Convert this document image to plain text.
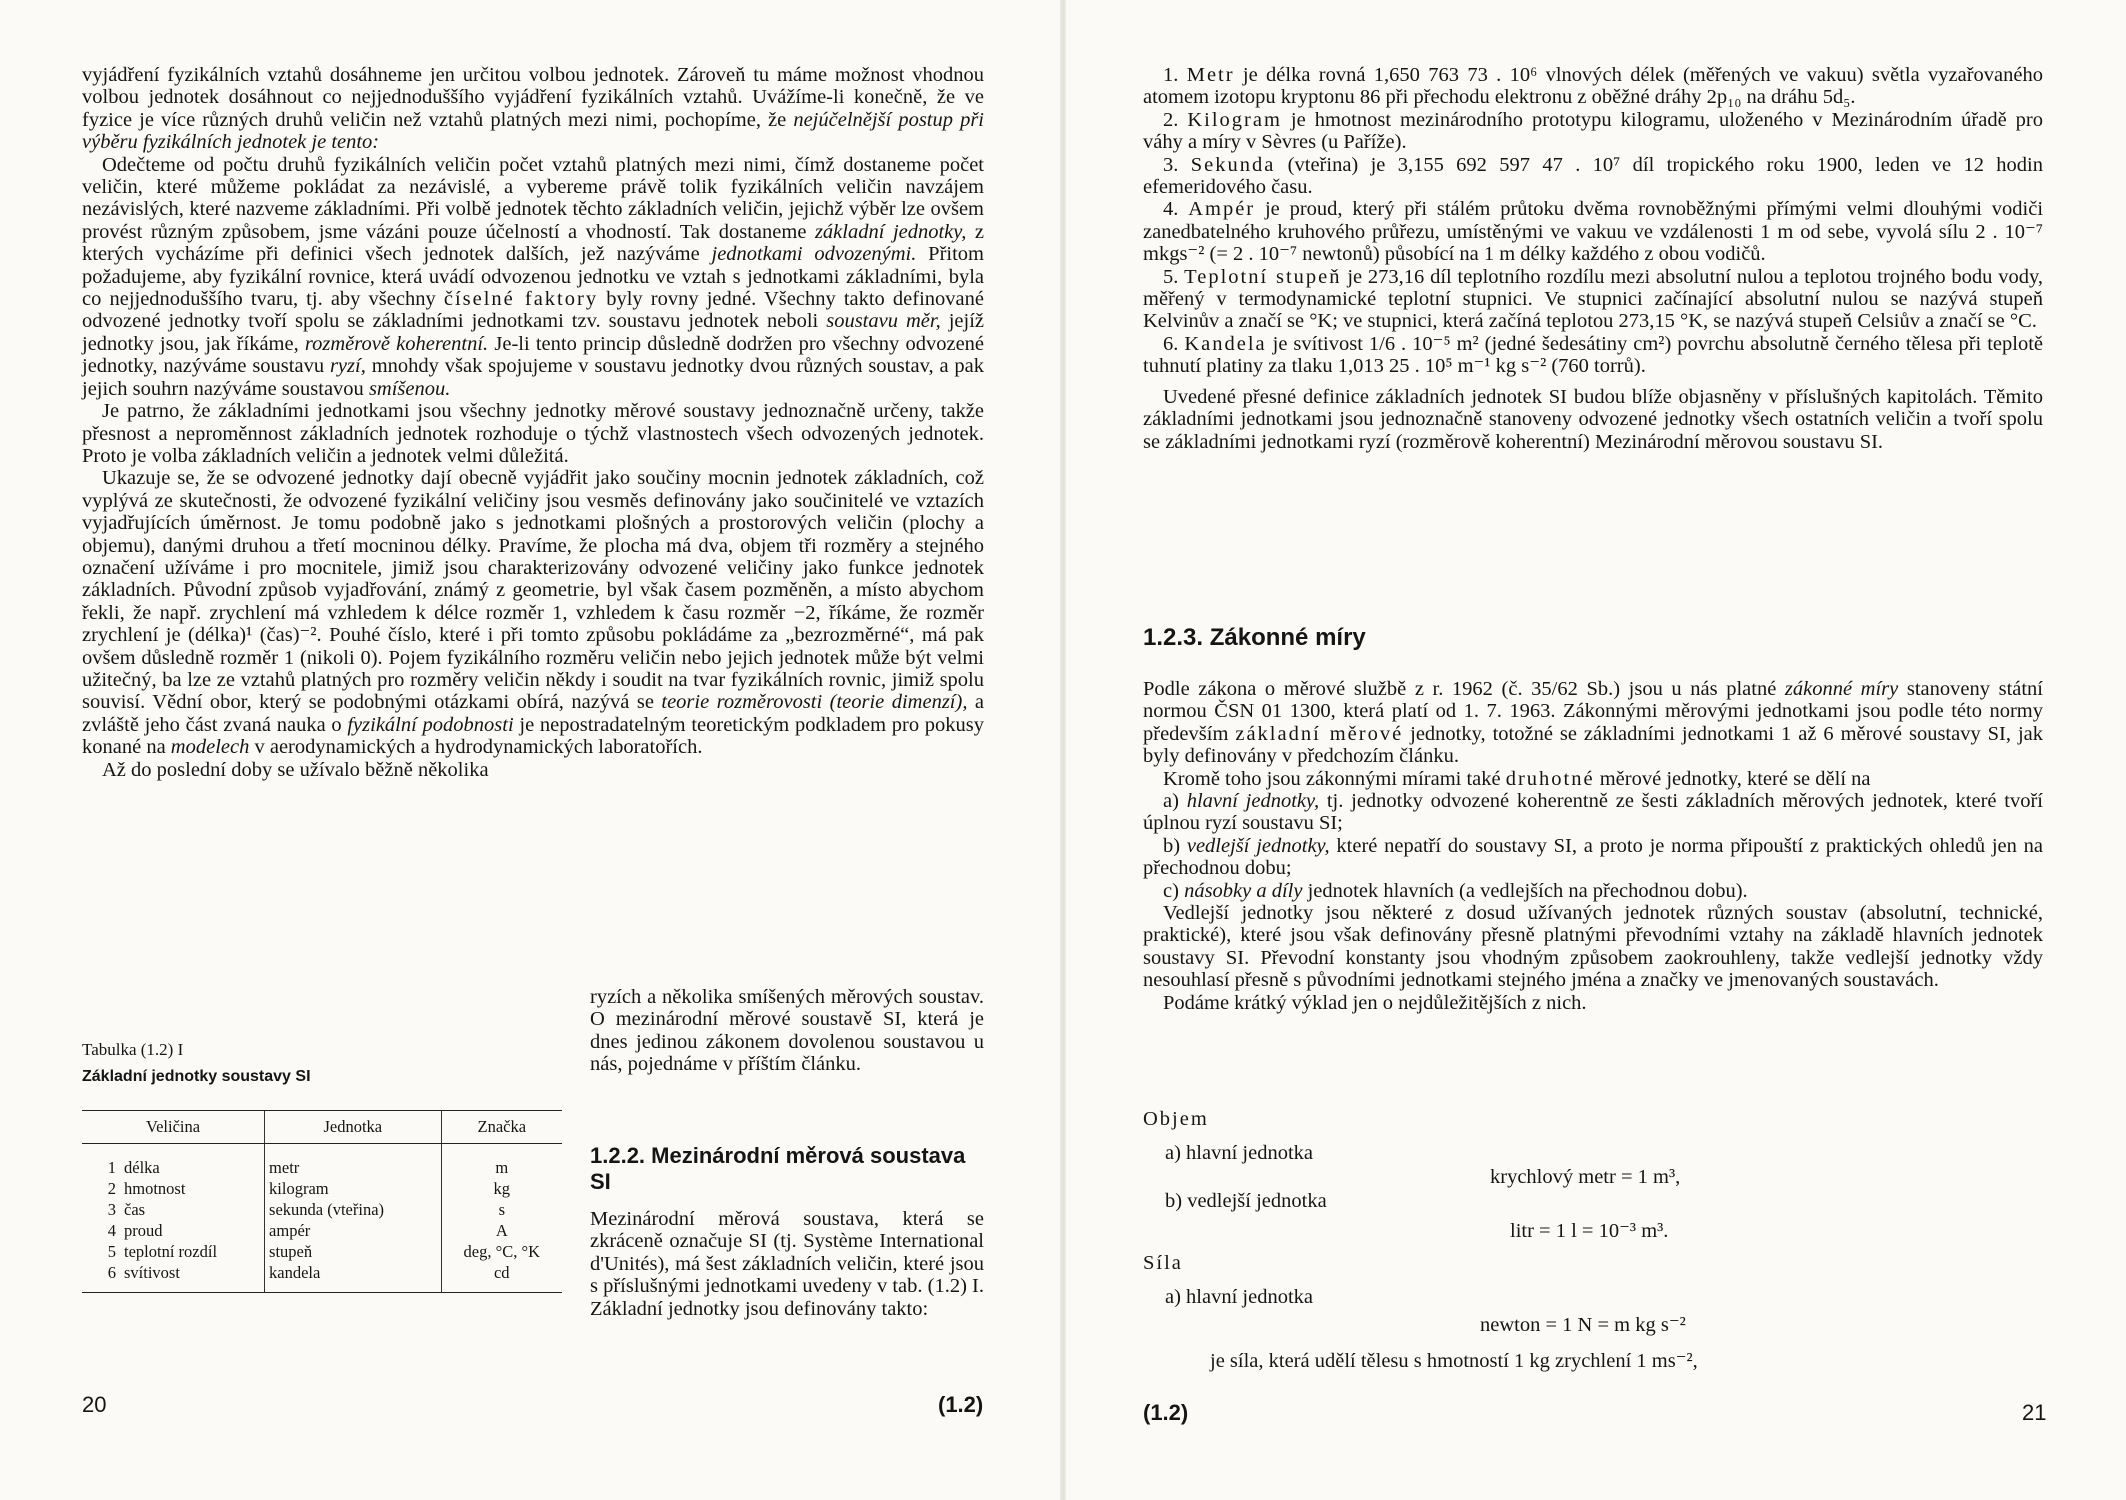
vyjádření fyzikálních vztahů dosáhneme jen určitou volbou jednotek. Zároveň tu máme možnost vhodnou volbou jednotek dosáhnout co nejjednoduššího vyjádření fyzikálních vztahů. Uvážíme-li konečně, že ve fyzice je více různých druhů veličin než vztahů platných mezi nimi, pochopíme, že nejúčelnější postup při výběru fyzikálních jednotek je tento:

Odečteme od počtu druhů fyzikálních veličin počet vztahů platných mezi nimi, čímž dostaneme počet veličin, které můžeme pokládat za nezávislé, a vybereme právě tolik fyzikálních veličin navzájem nezávislých, které nazveme základními. Při volbě jednotek těchto základních veličin, jejichž výběr lze ovšem provést různým způsobem, jsme vázáni pouze účelností a vhodností. Tak dostaneme základní jednotky, z kterých vycházíme při definici všech jednotek dalších, jež nazýváme jednotkami odvozenými. Přitom požadujeme, aby fyzikální rovnice, která uvádí odvozenou jednotku ve vztah s jednotkami základními, byla co nejjednoduššího tvaru, tj. aby všechny číselné faktory byly rovny jedné. Všechny takto definované odvozené jednotky tvoří spolu se základními jednotkami tzv. soustavu jednotek neboli soustavu měr, jejíž jednotky jsou, jak říkáme, rozměrově koherentní. Je-li tento princip důsledně dodržen pro všechny odvozené jednotky, nazýváme soustavu ryzí, mnohdy však spojujeme v soustavu jednotky dvou různých soustav, a pak jejich souhrn nazýváme soustavou smíšenou.

Je patrno, že základními jednotkami jsou všechny jednotky měrové soustavy jednoznačně určeny, takže přesnost a neproměnnost základních jednotek rozhoduje o týchž vlastnostech všech odvozených jednotek. Proto je volba základních veličin a jednotek velmi důležitá.

Ukazuje se, že se odvozené jednotky dají obecně vyjádřit jako součiny mocnin jednotek základních, což vyplývá ze skutečnosti, že odvozené fyzikální veličiny jsou vesměs definovány jako součinitelé ve vztazích vyjadřujících úměrnost. Je tomu podobně jako s jednotkami plošných a prostorových veličin (plochy a objemu), danými druhou a třetí mocninou délky. Pravíme, že plocha má dva, objem tři rozměry a stejného označení užíváme i pro mocnitele, jimiž jsou charakterizovány odvozené veličiny jako funkce jednotek základních. Původní způsob vyjadřování, známý z geometrie, byl však časem pozměněn, a místo abychom řekli, že např. zrychlení má vzhledem k délce rozměr 1, vzhledem k času rozměr −2, říkáme, že rozměr zrychlení je (délka)¹ (čas)⁻². Pouhé číslo, které i při tomto způsobu pokládáme za „bezrozměrné“, má pak ovšem důsledně rozměr 1 (nikoli 0). Pojem fyzikálního rozměru veličin nebo jejich jednotek může být velmi užitečný, ba lze ze vztahů platných pro rozměry veličin někdy i soudit na tvar fyzikálních rovnic, jimiž spolu souvisí. Vědní obor, který se podobnými otázkami obírá, nazývá se teorie rozměrovosti (teorie dimenzí), a zvláště jeho část zvaná nauka o fyzikální podobnosti je nepostradatelným teoretickým podkladem pro pokusy konané na modelech v aerodynamických a hydrodynamických laboratořích.

Až do poslední doby se užívalo běžně několika

ryzích a několika smíšených měrových soustav. O mezinárodní měrové soustavě SI, která je dnes jedinou zákonem dovolenou soustavou u nás, pojednáme v příštím článku.

Tabulka (1.2) I
Základní jednotky soustavy SI
Veličina		Jednotka	Značka
1	délka	metr	m
2	hmotnost	kilogram	kg
3	čas	sekunda (vteřina)	s
4	proud	ampér	A
5	teplotní rozdíl	stupeň	deg, °C, °K
6	svítivost	kandela	cd
1.2.2. Mezinárodní měrová soustava SI

Mezinárodní měrová soustava, která se zkráceně označuje SI (tj. Système International d'Unités), má šest základních veličin, které jsou s příslušnými jednotkami uvedeny v tab. (1.2) I. Základní jednotky jsou definovány takto:

20	(1.2)

1. Metr je délka rovná 1,650 763 73 . 10⁶ vlnových délek (měřených ve vakuu) světla vyzařovaného atomem izotopu kryptonu 86 při přechodu elektronu z oběžné dráhy 2p₁₀ na dráhu 5d₅.

2. Kilogram je hmotnost mezinárodního prototypu kilogramu, uloženého v Mezinárodním úřadě pro váhy a míry v Sèvres (u Paříže).

3. Sekunda (vteřina) je 3,155 692 597 47 . 10⁷ díl tropického roku 1900, leden ve 12 hodin efemeridového času.

4. Ampér je proud, který při stálém průtoku dvěma rovnoběžnými přímými velmi dlouhými vodiči zanedbatelného kruhového průřezu, umístěnými ve vakuu ve vzdálenosti 1 m od sebe, vyvolá sílu 2 . 10⁻⁷ mkgs⁻² (= 2 . 10⁻⁷ newtonů) působící na 1 m délky každého z obou vodičů.

5. Teplotní stupeň je 273,16 díl teplotního rozdílu mezi absolutní nulou a teplotou trojného bodu vody, měřený v termodynamické teplotní stupnici. Ve stupnici začínající absolutní nulou se nazývá stupeň Kelvinův a značí se °K; ve stupnici, která začíná teplotou 273,15 °K, se nazývá stupeň Celsiův a značí se °C.

6. Kandela je svítivost 1/6 . 10⁻⁵ m² (jedné šedesátiny cm²) povrchu absolutně černého tělesa při teplotě tuhnutí platiny za tlaku 1,013 25 . 10⁵ m⁻¹ kg s⁻² (760 torrů).

Uvedené přesné definice základních jednotek SI budou blíže objasněny v příslušných kapitolách. Těmito základními jednotkami jsou jednoznačně stanoveny odvozené jednotky všech ostatních veličin a tvoří spolu se základními jednotkami ryzí (rozměrově koherentní) Mezinárodní měrovou soustavu SI.

1.2.3. Zákonné míry

Podle zákona o měrové službě z r. 1962 (č. 35/62 Sb.) jsou u nás platné zákonné míry stanoveny státní normou ČSN 01 1300, která platí od 1. 7. 1963. Zákonnými měrovými jednotkami jsou podle této normy především základní měrové jednotky, totožné se základními jednotkami 1 až 6 měrové soustavy SI, jak byly definovány v předchozím článku.

Kromě toho jsou zákonnými mírami také druhotné měrové jednotky, které se dělí na

a) hlavní jednotky, tj. jednotky odvozené koherentně ze šesti základních měrových jednotek, které tvoří úplnou ryzí soustavu SI;

b) vedlejší jednotky, které nepatří do soustavy SI, a proto je norma připouští z praktických ohledů jen na přechodnou dobu;

c) násobky a díly jednotek hlavních (a vedlejších na přechodnou dobu).

Vedlejší jednotky jsou některé z dosud užívaných jednotek různých soustav (absolutní, technické, praktické), které jsou však definovány přesně platnými převodními vztahy na základě hlavních jednotek soustavy SI. Převodní konstanty jsou vhodným způsobem zaokrouhleny, takže vedlejší jednotky vždy nesouhlasí přesně s původními jednotkami stejného jména a značky ve jmenovaných soustavách.

Podáme krátký výklad jen o nejdůležitějších z nich.

Objem
a) hlavní jednotka
krychlový metr = 1 m³,
b) vedlejší jednotka
litr = 1 l = 10⁻³ m³.
Síla
a) hlavní jednotka
newton = 1 N = m kg s⁻²
je síla, která udělí tělesu s hmotností 1 kg zrychlení 1 ms⁻²,
(1.2)	21
